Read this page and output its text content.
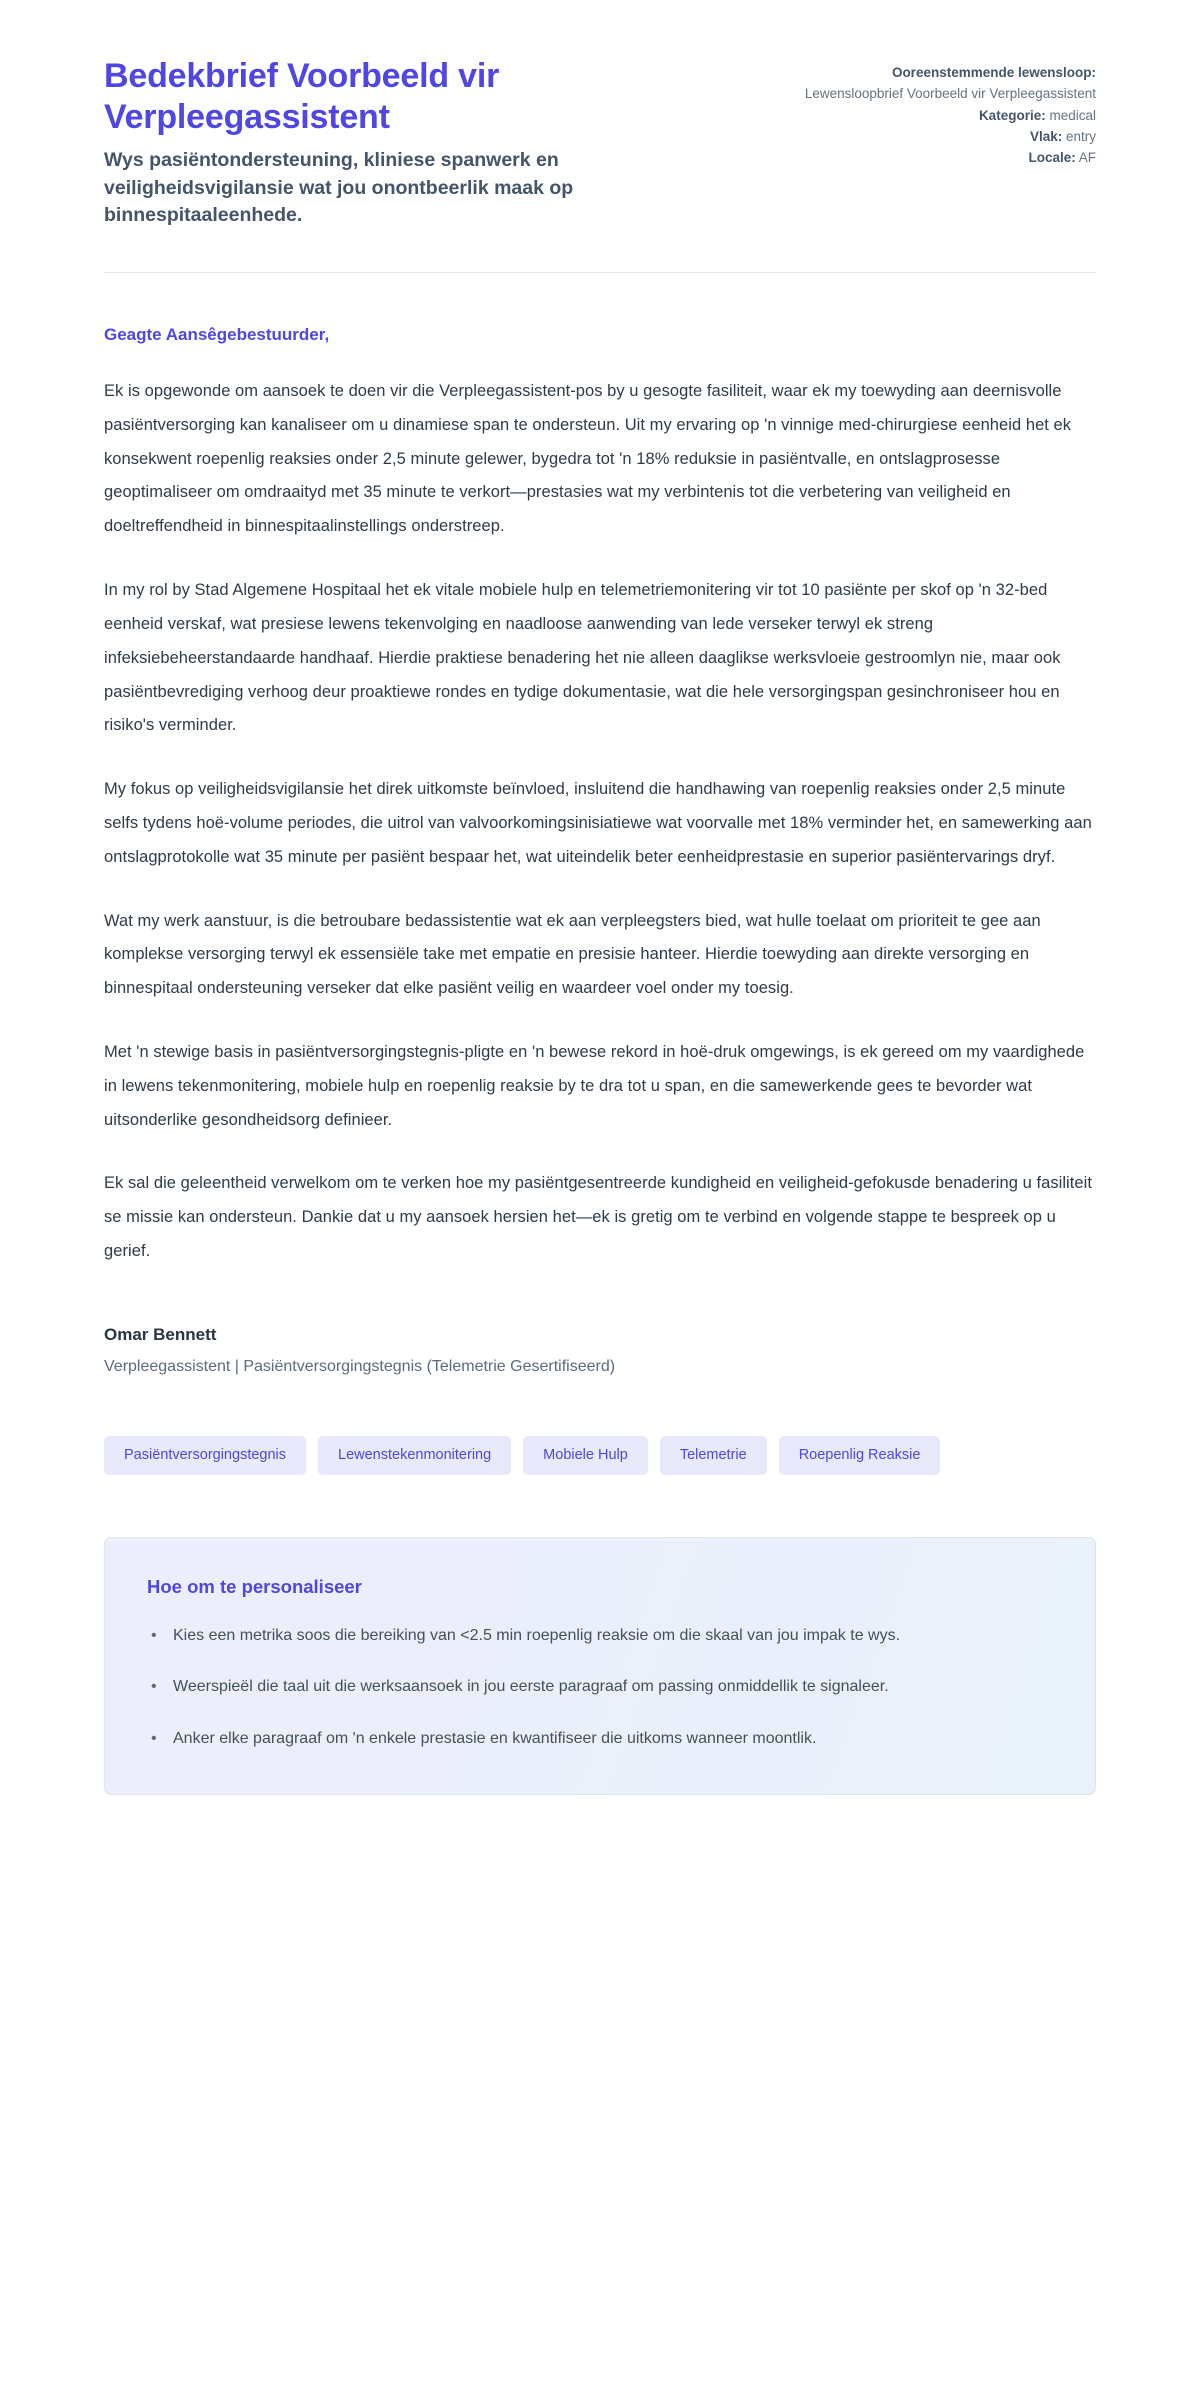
Bedekbrief Voorbeeld vir Verpleegassistent

Wys pasiëntondersteuning, kliniese spanwerk en veiligheidsvigilansie wat jou onontbeerlik maak op binnespitaaleenhede.

Ooreenstemmende lewensloop: Lewensloopbrief Voorbeeld vir Verpleegassistent
Kategorie: medical
Vlak: entry
Locale: AF

Geagte Aansêgebestuurder,

Ek is opgewonde om aansoek te doen vir die Verpleegassistent-pos by u gesogte fasiliteit, waar ek my toewyding aan deernisvolle pasiëntversorging kan kanaliseer om u dinamiese span te ondersteun. Uit my ervaring op 'n vinnige med-chirurgiese eenheid het ek konsekwent roepenlig reaksies onder 2,5 minute gelewer, bygedra tot 'n 18% reduksie in pasiëntvalle, en ontslagprosesse geoptimaliseer om omdraaityd met 35 minute te verkort—prestasies wat my verbintenis tot die verbetering van veiligheid en doeltreffendheid in binnespitaalinstellings onderstreep.

In my rol by Stad Algemene Hospitaal het ek vitale mobiele hulp en telemetriemonitering vir tot 10 pasiënte per skof op 'n 32-bed eenheid verskaf, wat presiese lewens tekenvolging en naadloose aanwending van lede verseker terwyl ek streng infeksiebeheerstandaarde handhaaf. Hierdie praktiese benadering het nie alleen daaglikse werksvloeie gestroomlyn nie, maar ook pasiëntbevrediging verhoog deur proaktiewe rondes en tydige dokumentasie, wat die hele versorgingspan gesinchroniseer hou en risiko's verminder.

My fokus op veiligheidsvigilansie het direk uitkomste beïnvloed, insluitend die handhawing van roepenlig reaksies onder 2,5 minute selfs tydens hoë-volume periodes, die uitrol van valvoorkomingsinisiatiewe wat voorvalle met 18% verminder het, en samewerking aan ontslagprotokolle wat 35 minute per pasiënt bespaar het, wat uiteindelik beter eenheidprestasie en superior pasiëntervarings dryf.

Wat my werk aanstuur, is die betroubare bedassistentie wat ek aan verpleegsters bied, wat hulle toelaat om prioriteit te gee aan komplekse versorging terwyl ek essensiële take met empatie en presisie hanteer. Hierdie toewyding aan direkte versorging en binnespitaal ondersteuning verseker dat elke pasiënt veilig en waardeer voel onder my toesig.

Met 'n stewige basis in pasiëntversorgingstegnis-pligte en 'n bewese rekord in hoë-druk omgewings, is ek gereed om my vaardighede in lewens tekenmonitering, mobiele hulp en roepenlig reaksie by te dra tot u span, en die samewerkende gees te bevorder wat uitsonderlike gesondheidsorg definieer.

Ek sal die geleentheid verwelkom om te verken hoe my pasiëntgesentreerde kundigheid en veiligheid-gefokusde benadering u fasiliteit se missie kan ondersteun. Dankie dat u my aansoek hersien het—ek is gretig om te verbind en volgende stappe te bespreek op u gerief.

Omar Bennett

Verpleegassistent | Pasiëntversorgingstegnis (Telemetrie Gesertifiseerd)

Pasiëntversorgingstegnis	Lewenstekenmonitering	Mobiele Hulp	Telemetrie	Roepenlig Reaksie
Hoe om te personaliseer
• Kies een metrika soos die bereiking van <2.5 min roepenlig reaksie om die skaal van jou impak te wys.
• Weerspieël die taal uit die werksaansoek in jou eerste paragraaf om passing onmiddellik te signaleer.
• Anker elke paragraaf om 'n enkele prestasie en kwantifiseer die uitkoms wanneer moontlik.
